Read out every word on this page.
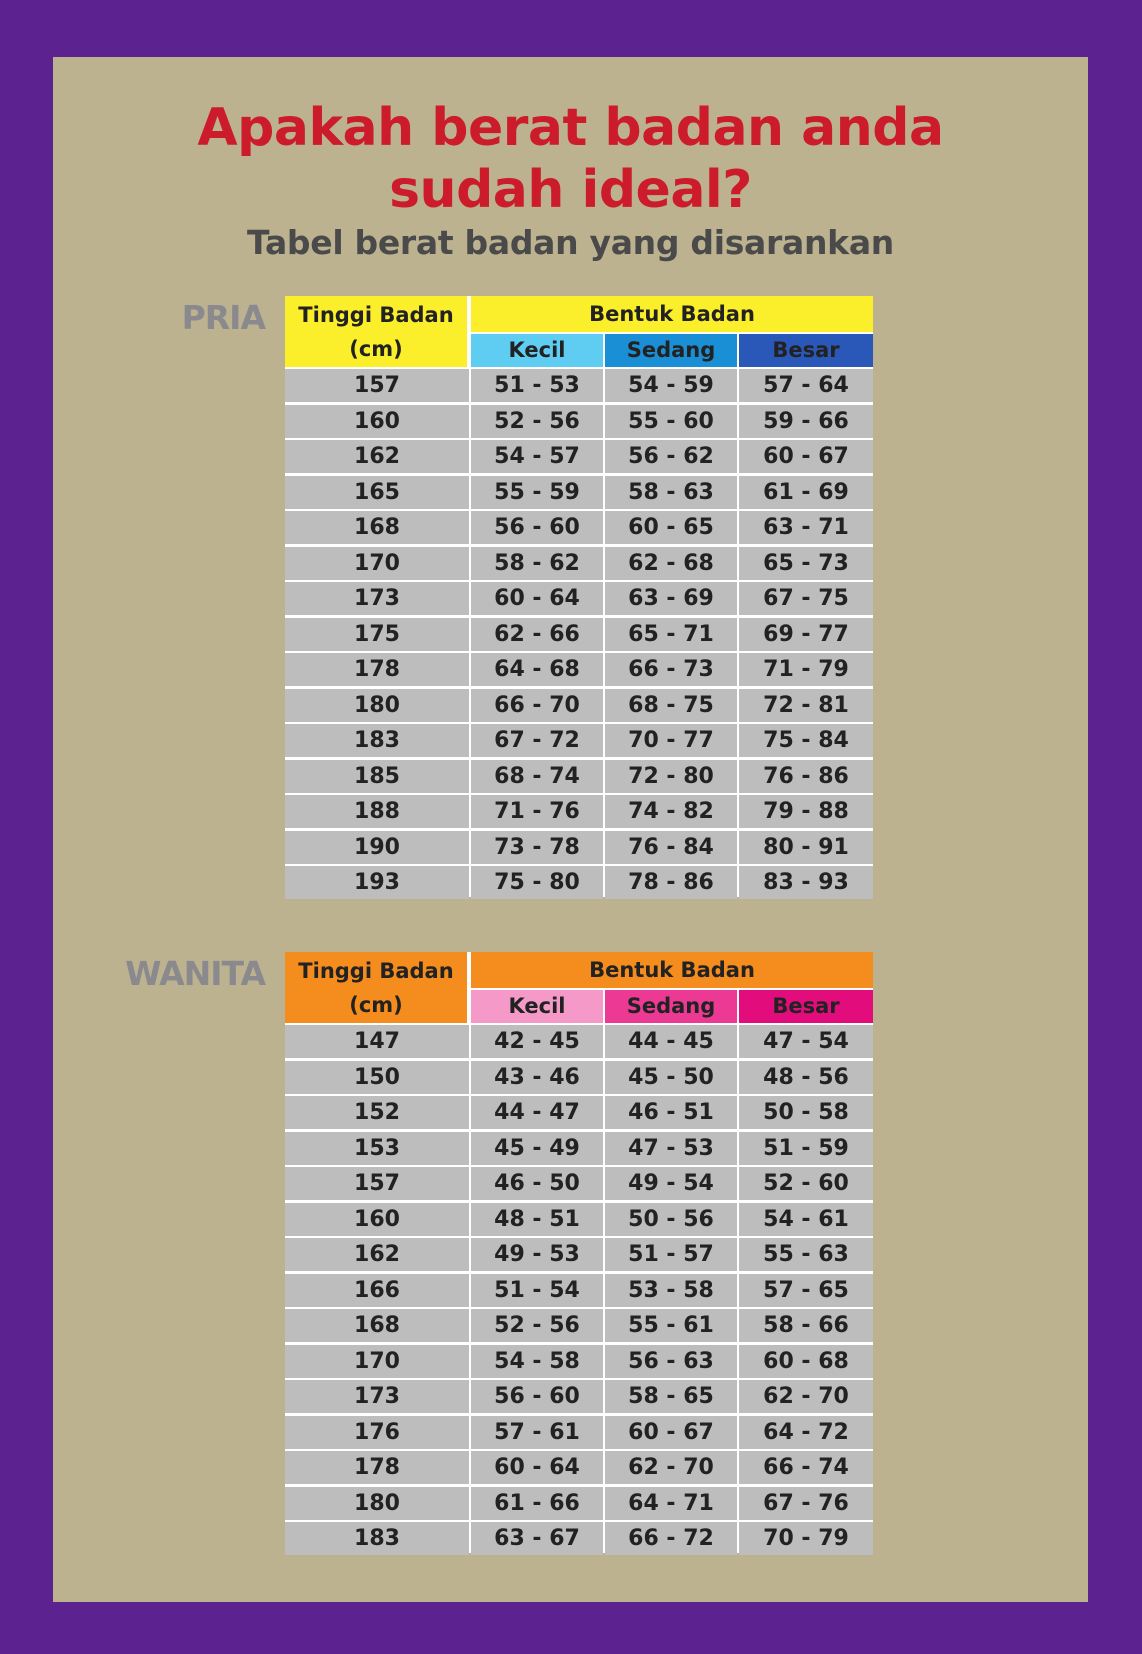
Apakah berat badan anda
sudah ideal?
Tabel berat badan yang disarankan
PRIA	Tinggi Badan
(cm)
Bentuk Badan
Kecil	Sedang	Besar
157	51 - 53	54 - 59	57 - 64
160	52 - 56	55 - 60	59 - 66
162	54 - 57	56 - 62	60 - 67
165	55 - 59	58 - 63	61 - 69
168	56 - 60	60 - 65	63 - 71
170	58 - 62	62 - 68	65 - 73
173	60 - 64	63 - 69	67 - 75
175	62 - 66	65 - 71	69 - 77
178	64 - 68	66 - 73	71 - 79
180	66 - 70	68 - 75	72 - 81
183	67 - 72	70 - 77	75 - 84
185	68 - 74	72 - 80	76 - 86
188	71 - 76	74 - 82	79 - 88
190	73 - 78	76 - 84	80 - 91
193	75 - 80	78 - 86	83 - 93
WANITA	Tinggi Badan
(cm)
Bentuk Badan
Kecil	Sedang	Besar
147	42 - 45	44 - 45	47 - 54
150	43 - 46	45 - 50	48 - 56
152	44 - 47	46 - 51	50 - 58
153	45 - 49	47 - 53	51 - 59
157	46 - 50	49 - 54	52 - 60
160	48 - 51	50 - 56	54 - 61
162	49 - 53	51 - 57	55 - 63
166	51 - 54	53 - 58	57 - 65
168	52 - 56	55 - 61	58 - 66
170	54 - 58	56 - 63	60 - 68
173	56 - 60	58 - 65	62 - 70
176	57 - 61	60 - 67	64 - 72
178	60 - 64	62 - 70	66 - 74
180	61 - 66	64 - 71	67 - 76
183	63 - 67	66 - 72	70 - 79
